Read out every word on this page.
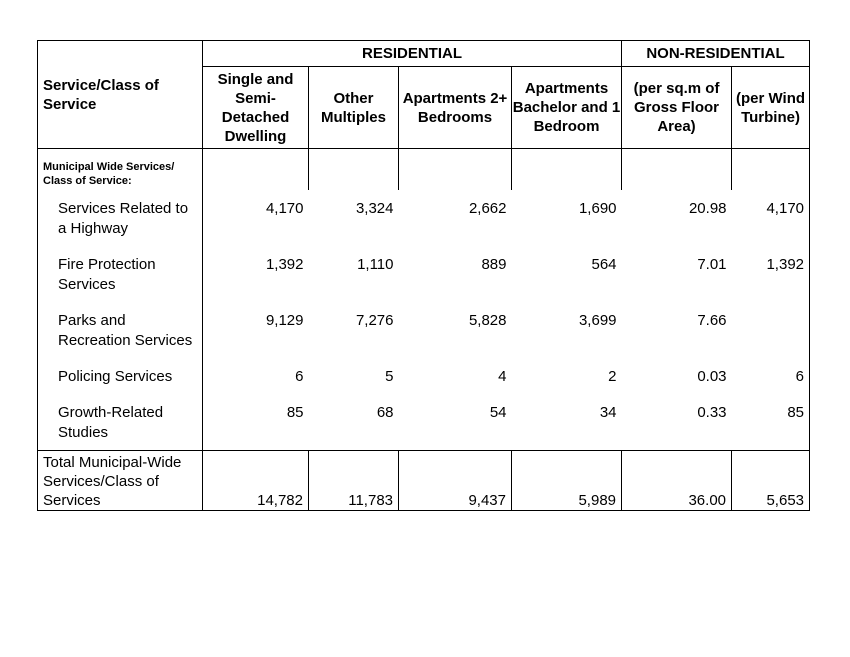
Service/Class of Service	RESIDENTIAL				NON-RESIDENTIAL	
	Single and Semi-Detached Dwelling	Other Multiples	Apartments 2+ Bedrooms	Apartments Bachelor and 1 Bedroom	(per sq.m of Gross Floor Area)	(per Wind Turbine)
Municipal Wide Services/ Class of Service:						
Services Related to a Highway	4,170	3,324	2,662	1,690	20.98	4,170
Fire Protection Services	1,392	1,110	889	564	7.01	1,392
Parks and Recreation Services	9,129	7,276	5,828	3,699	7.66	
Policing Services	6	5	4	2	0.03	6
Growth-Related Studies	85	68	54	34	0.33	85
Total Municipal-Wide Services/Class of Services	14,782	11,783	9,437	5,989	36.00	5,653
